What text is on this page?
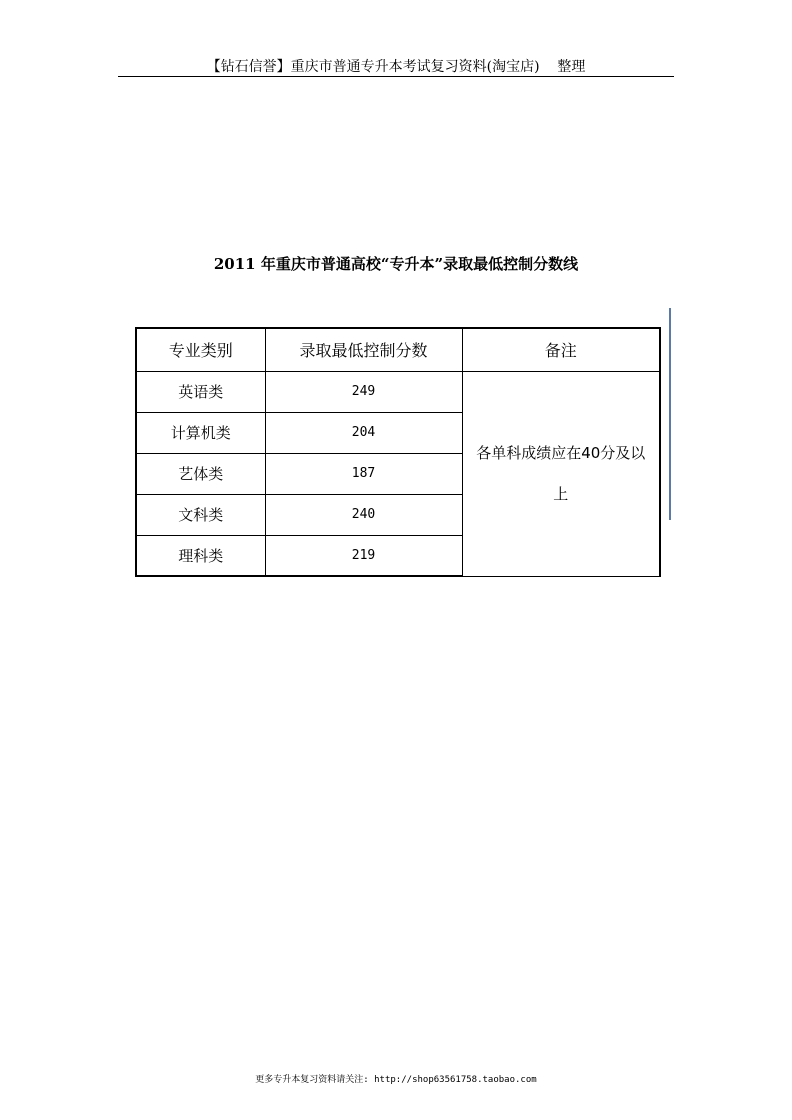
【钻石信誉】重庆市普通专升本考试复习资料(淘宝店)    整理
2011 年重庆市普通高校“专升本”录取最低控制分数线
专业类别	录取最低控制分数	备注
英语类	249	各单科成绩应在40分及以上
计算机类	204	
艺体类	187	
文科类	240	
理科类	219	
更多专升本复习资料请关注: http://shop63561758.taobao.com
